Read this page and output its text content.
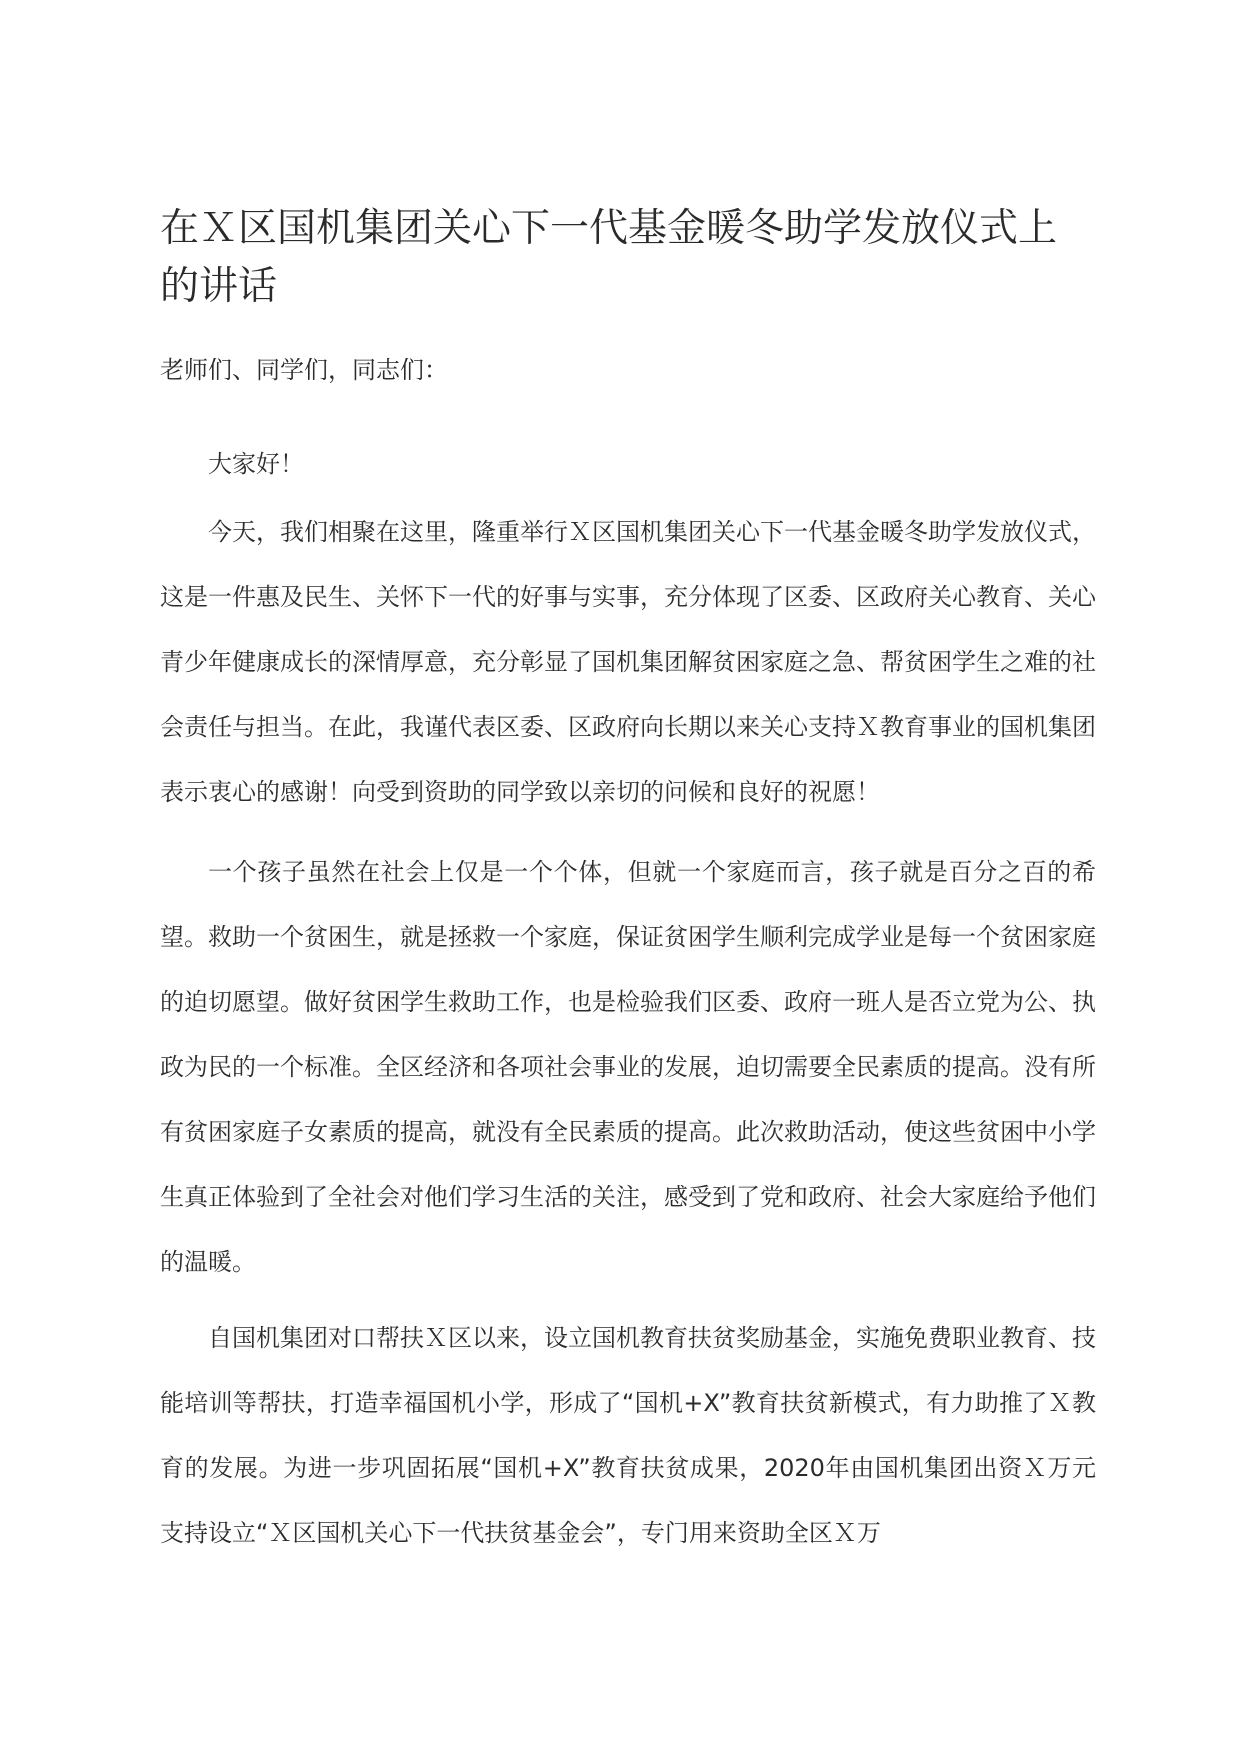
在Ｘ区国机集团关心下一代基金暖冬助学发放仪式上的讲话

老师们、同学们，同志们：

大家好！

今天，我们相聚在这里，隆重举行Ｘ区国机集团关心下一代基金暖冬助学发放仪式，这是一件惠及民生、关怀下一代的好事与实事，充分体现了区委、区政府关心教育、关心青少年健康成长的深情厚意，充分彰显了国机集团解贫困家庭之急、帮贫困学生之难的社会责任与担当。在此，我谨代表区委、区政府向长期以来关心支持Ｘ教育事业的国机集团表示衷心的感谢！向受到资助的同学致以亲切的问候和良好的祝愿！

一个孩子虽然在社会上仅是一个个体，但就一个家庭而言，孩子就是百分之百的希望。救助一个贫困生，就是拯救一个家庭，保证贫困学生顺利完成学业是每一个贫困家庭的迫切愿望。做好贫困学生救助工作，也是检验我们区委、政府一班人是否立党为公、执政为民的一个标准。全区经济和各项社会事业的发展，迫切需要全民素质的提高。没有所有贫困家庭子女素质的提高，就没有全民素质的提高。此次救助活动，使这些贫困中小学生真正体验到了全社会对他们学习生活的关注，感受到了党和政府、社会大家庭给予他们的温暖。

自国机集团对口帮扶Ｘ区以来，设立国机教育扶贫奖励基金，实施免费职业教育、技能培训等帮扶，打造幸福国机小学，形成了“国机+X”教育扶贫新模式，有力助推了Ｘ教育的发展。为进一步巩固拓展“国机+X”教育扶贫成果，2020年由国机集团出资Ｘ万元支持设立“Ｘ区国机关心下一代扶贫基金会”，专门用来资助全区Ｘ万
